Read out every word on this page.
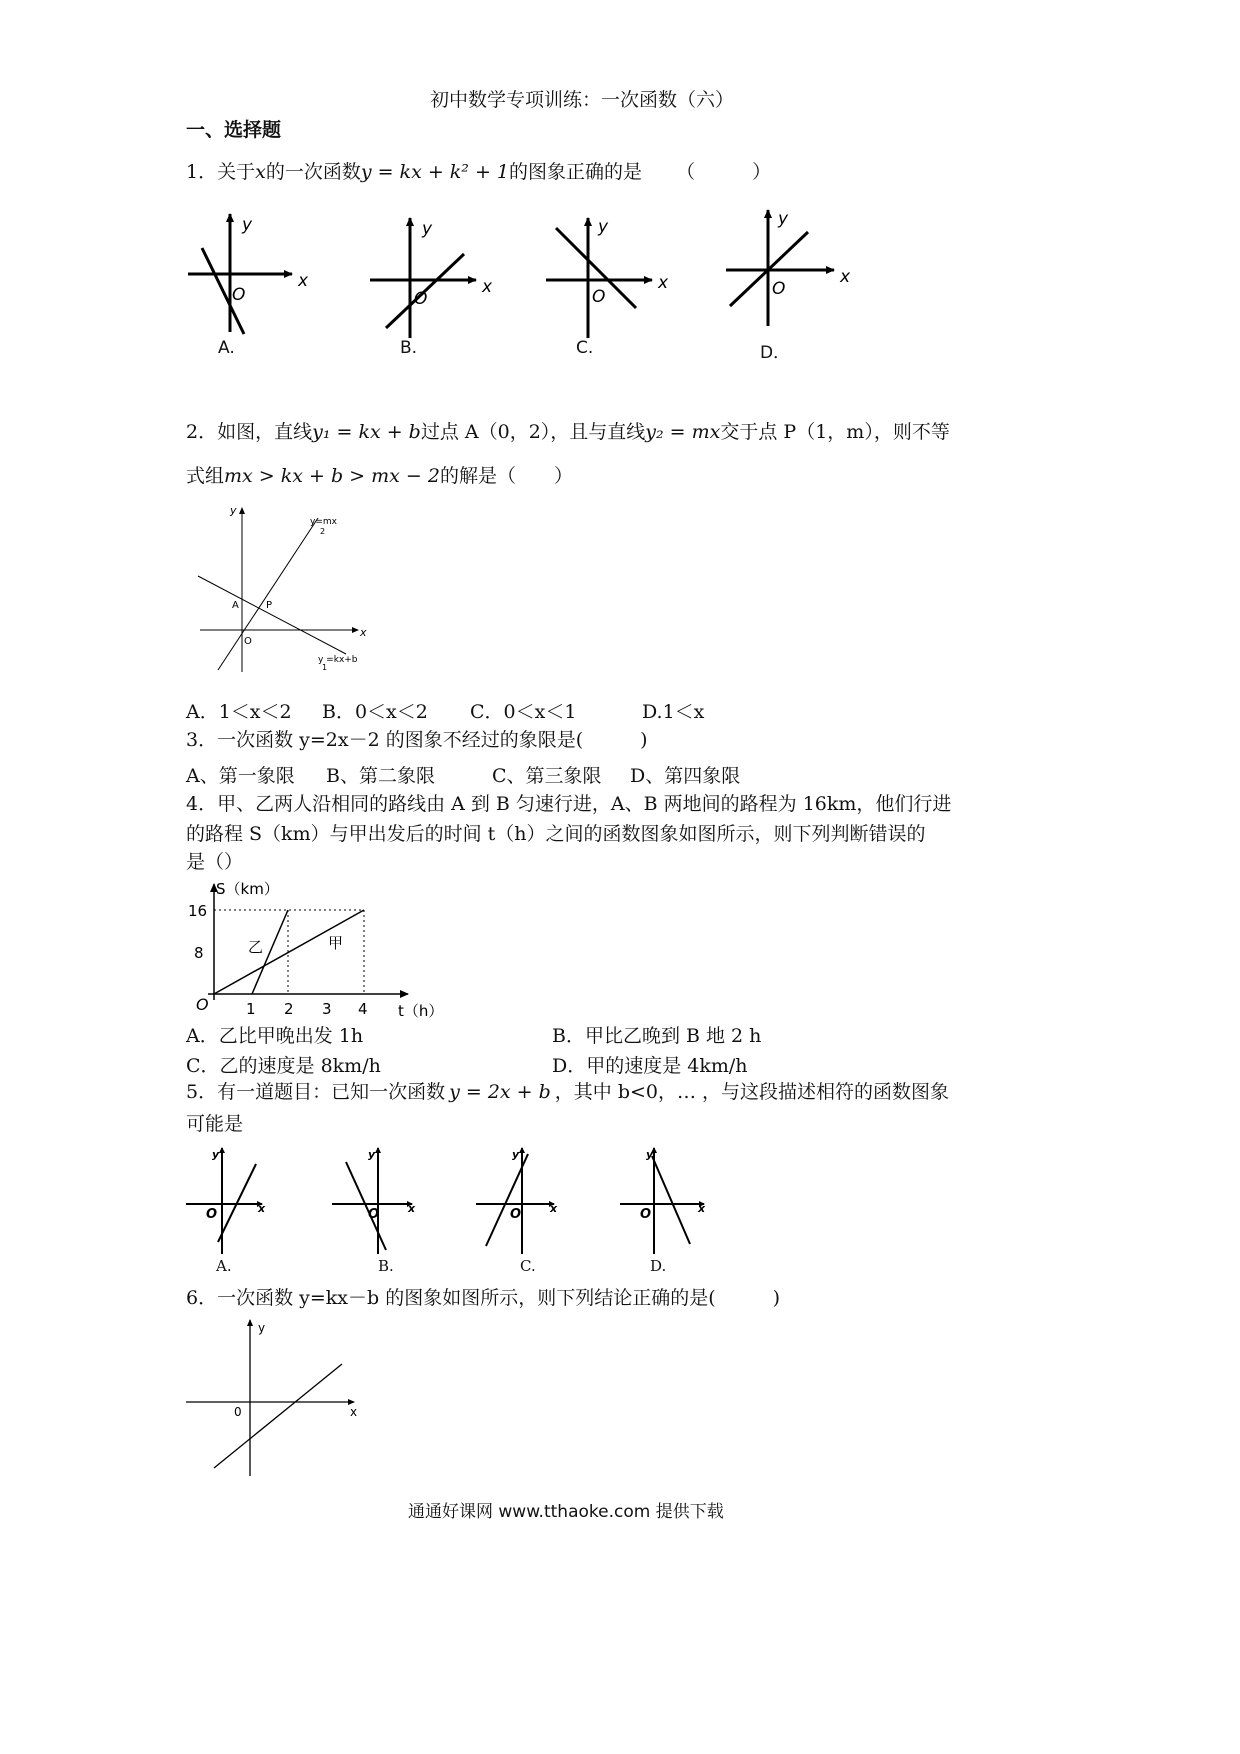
初中数学专项训练：一次函数（六）
一、选择题
1．关于x的一次函数y = kx + k² + 1的图象正确的是 （　　　）
y
x
O
y
x
O
y
x
O
y
x
O
A.	B.	C.	D．
2．如图，直线y₁ = kx + b过点 A（0，2），且与直线y₂ = mx交于点 P（1，m），则不等
式组mx > kx + b > mx − 2的解是（　　）
y
x
A	P
O
y=mx
2
y =kx+b
1
A．1＜x＜2 B．0＜x＜2 C．0＜x＜1	D.1＜x
3．一次函数 y=2x－2 的图象不经过的象限是(　　　)
A、第一象限 B、第二象限	C、第三象限 D、第四象限
4．甲、乙两人沿相同的路线由 A 到 B 匀速行进，A、B 两地间的路程为 16km，他们行进
的路程 S（km）与甲出发后的时间 t（h）之间的函数图象如图所示，则下列判断错误的
是（）
S（km）
t（h）
16
8
O 1 2 3 4
乙	甲
A．乙比甲晚出发 1h	B．甲比乙晚到 B 地 2 h
C．乙的速度是 8km/h	D．甲的速度是 4km/h
5．有一道题目：已知一次函数 y = 2x + b ，其中 b<0，… ，与这段描述相符的函数图象
可能是
y
x
O
y
x
O
y
x
O
y
x
O
A.	B.	C.	D.
6．一次函数 y=kx－b 的图象如图所示，则下列结论正确的是(　　　)
y
x
0
通通好课网 www.tthaoke.com 提供下载
